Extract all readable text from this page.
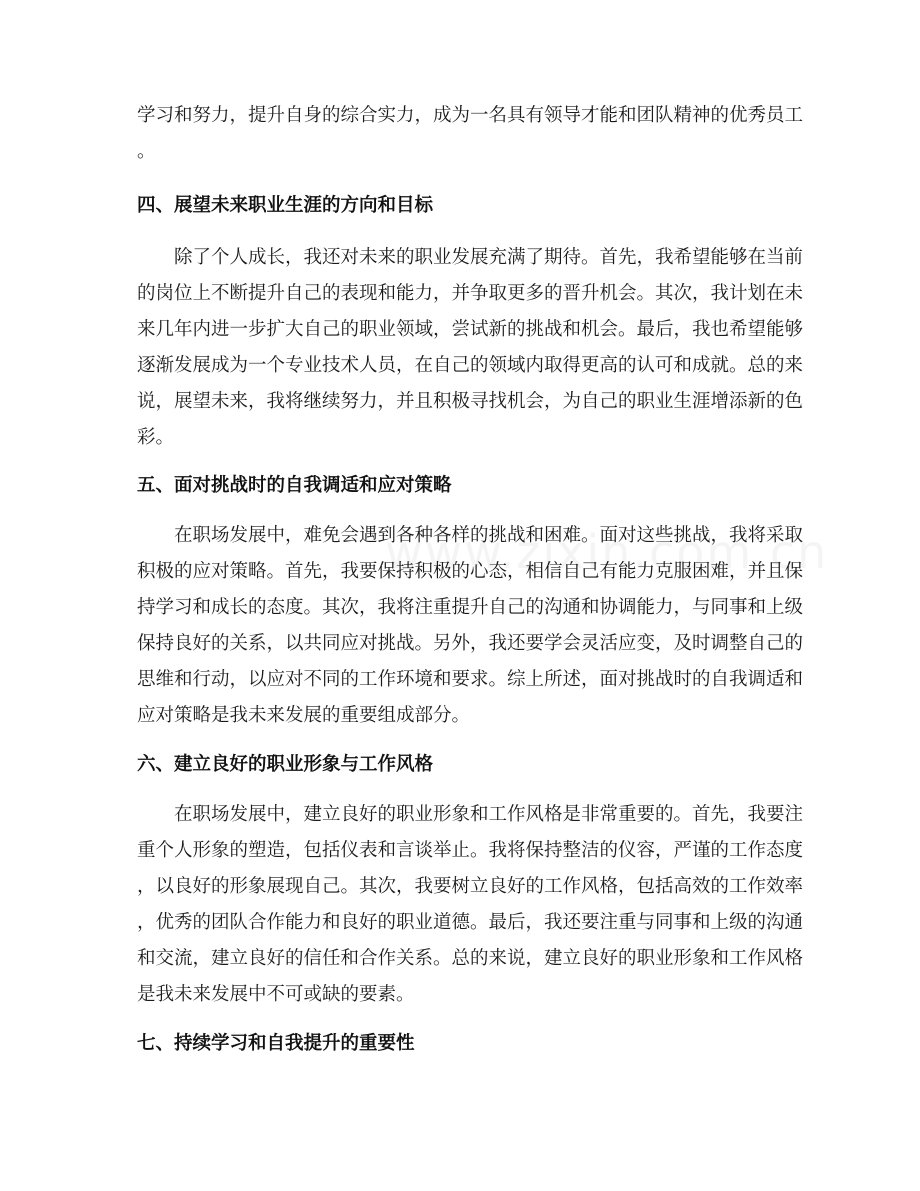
学习和努力，提升自身的综合实力，成为一名具有领导才能和团队精神的优秀员工
。
四、展望未来职业生涯的方向和目标
　　除了个人成长，我还对未来的职业发展充满了期待。首先，我希望能够在当前
的岗位上不断提升自己的表现和能力，并争取更多的晋升机会。其次，我计划在未
来几年内进一步扩大自己的职业领域，尝试新的挑战和机会。最后，我也希望能够
逐渐发展成为一个专业技术人员，在自己的领域内取得更高的认可和成就。总的来
说，展望未来，我将继续努力，并且积极寻找机会，为自己的职业生涯增添新的色
彩。
五、面对挑战时的自我调适和应对策略
　　在职场发展中，难免会遇到各种各样的挑战和困难。面对这些挑战，我将采取
积极的应对策略。首先，我要保持积极的心态，相信自己有能力克服困难，并且保
持学习和成长的态度。其次，我将注重提升自己的沟通和协调能力，与同事和上级
保持良好的关系，以共同应对挑战。另外，我还要学会灵活应变，及时调整自己的
思维和行动，以应对不同的工作环境和要求。综上所述，面对挑战时的自我调适和
应对策略是我未来发展的重要组成部分。
六、建立良好的职业形象与工作风格
　　在职场发展中，建立良好的职业形象和工作风格是非常重要的。首先，我要注
重个人形象的塑造，包括仪表和言谈举止。我将保持整洁的仪容，严谨的工作态度
，以良好的形象展现自己。其次，我要树立良好的工作风格，包括高效的工作效率
，优秀的团队合作能力和良好的职业道德。最后，我还要注重与同事和上级的沟通
和交流，建立良好的信任和合作关系。总的来说，建立良好的职业形象和工作风格
是我未来发展中不可或缺的要素。
七、持续学习和自我提升的重要性
